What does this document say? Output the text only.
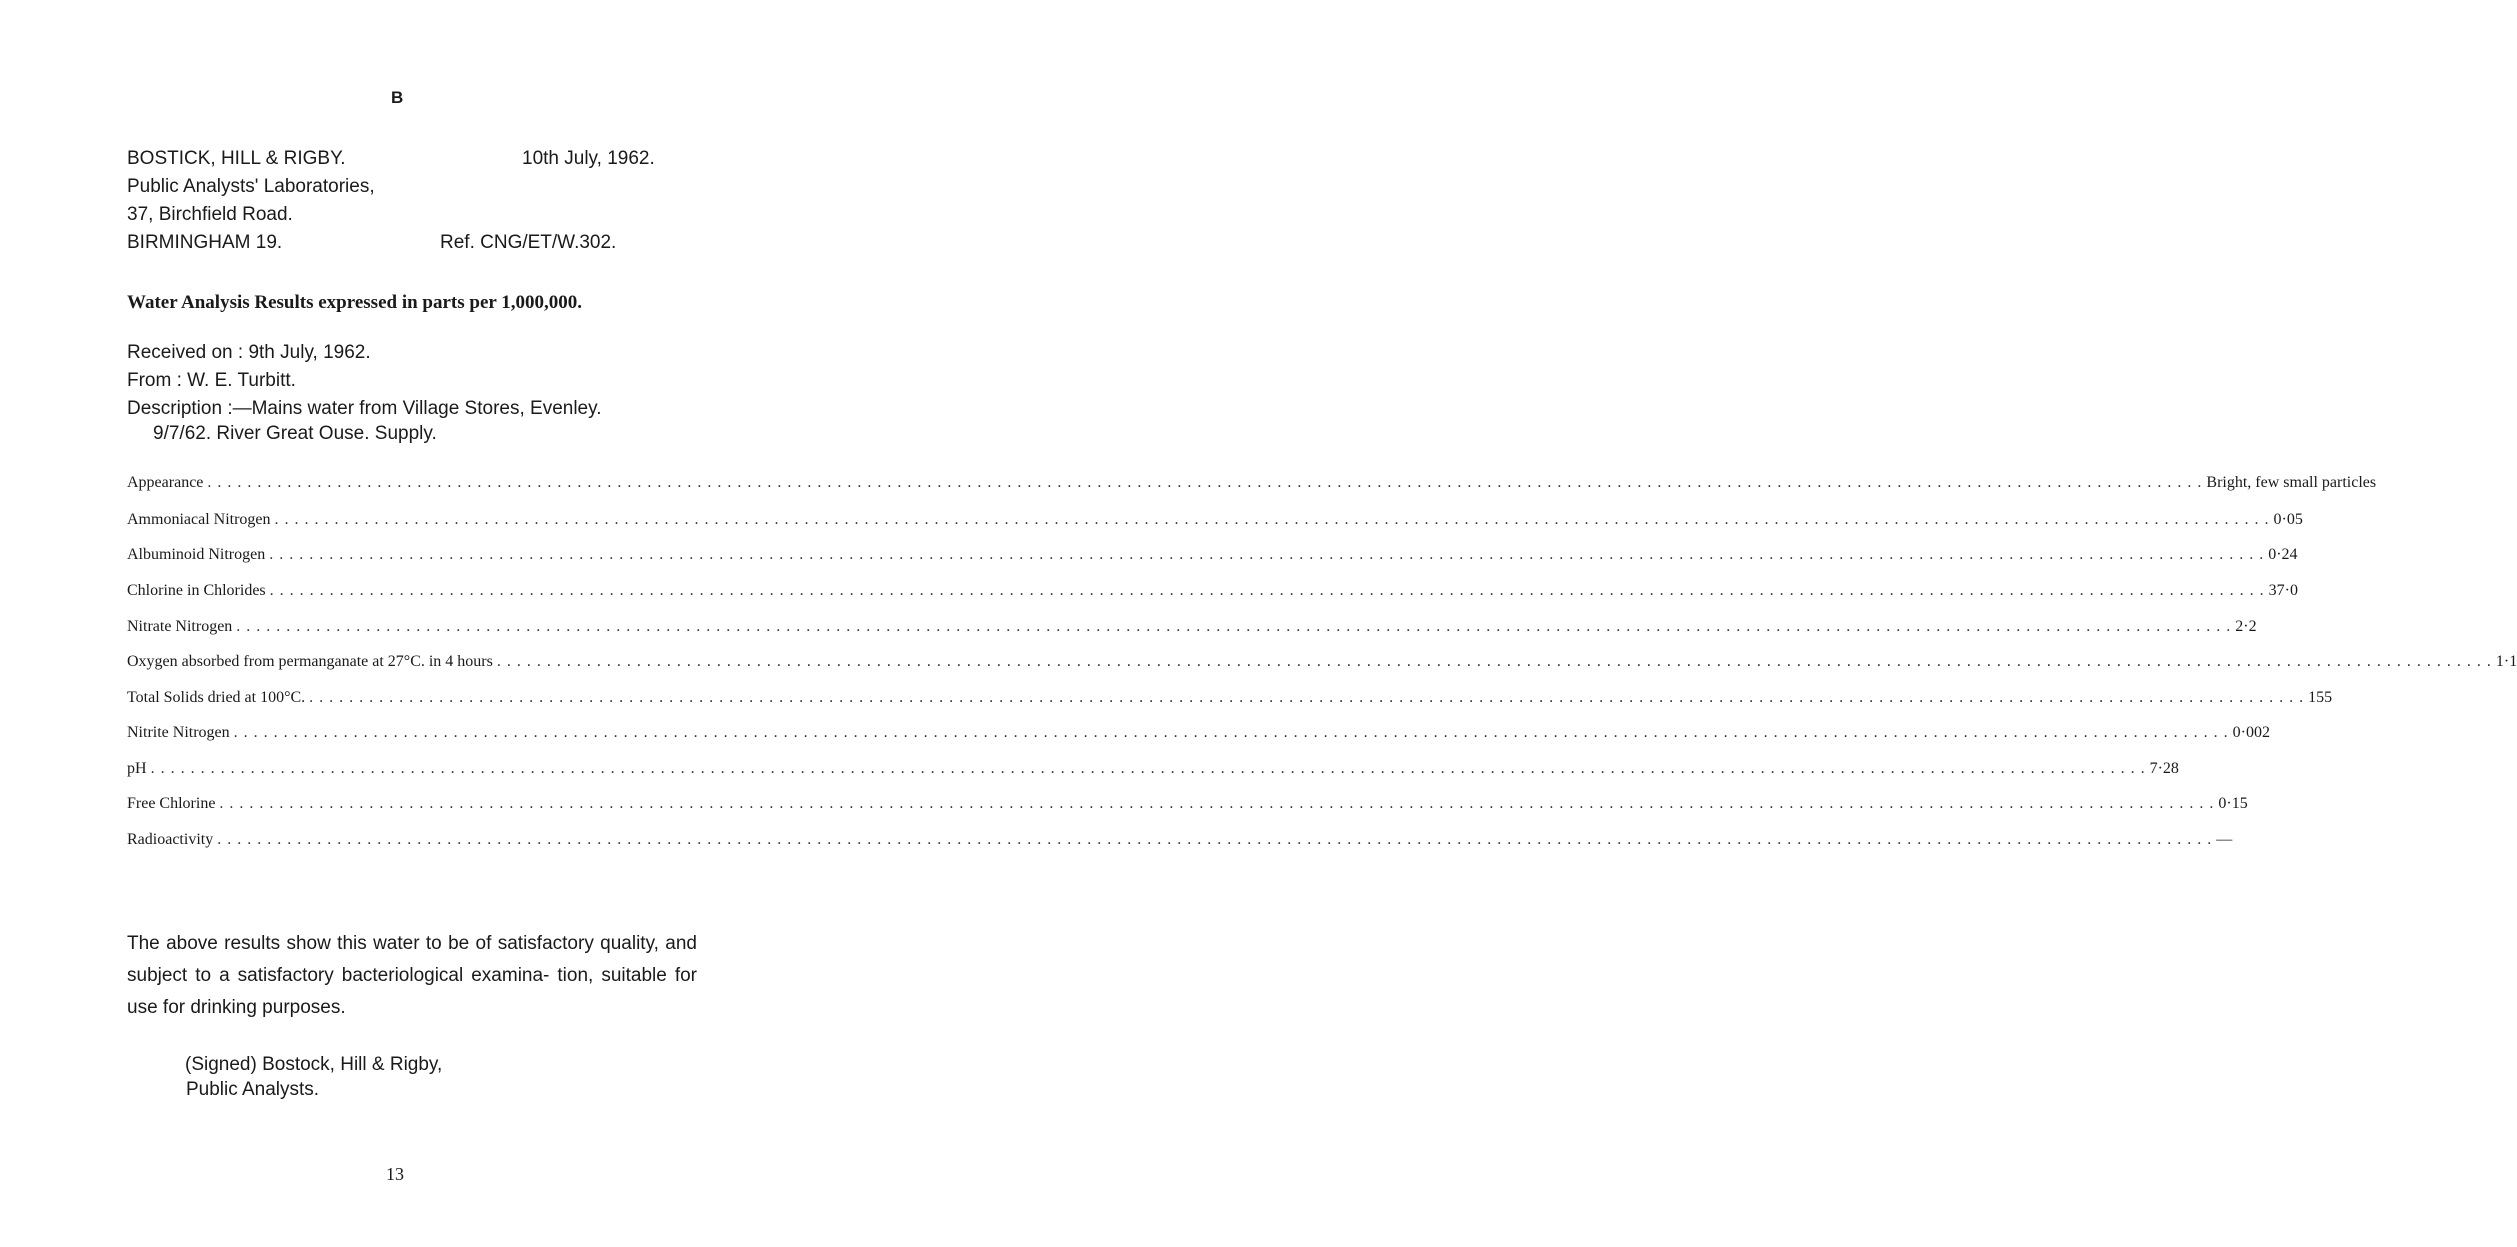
B
BOSTICK, HILL & RIGBY.	10th July, 1962.
Public Analysts' Laboratories,
37, Birchfield Road.
BIRMINGHAM 19.	Ref. CNG/ET/W.302.
Water Analysis Results expressed in parts per 1,000,000.
Received on : 9th July, 1962.
From : W. E. Turbitt.
Description :—Mains water from Village Stores, Evenley.
9/7/62. River Great Ouse. Supply.
Appearance . . . . . . . . . . . . . . . . . . . . . . . . . . . . . . . . . . . . . . . . . . . . . . . . . . . . . . . . . . . . . . . . . . . . . . . . . . . . . . . . . . . . . . . . . . . . . . . . . . . . . . . . . . . . . . . . . . . . . . . . . . . . . . . . . . . . . . . . . . . . . . . . . . . . . . . . . . . . . . . . . . . . . . . . . . . . . . . . . . . . . . . . . . . . . . . . . . . . . . . . Bright, few small particles
Ammoniacal Nitrogen . . . . . . . . . . . . . . . . . . . . . . . . . . . . . . . . . . . . . . . . . . . . . . . . . . . . . . . . . . . . . . . . . . . . . . . . . . . . . . . . . . . . . . . . . . . . . . . . . . . . . . . . . . . . . . . . . . . . . . . . . . . . . . . . . . . . . . . . . . . . . . . . . . . . . . . . . . . . . . . . . . . . . . . . . . . . . . . . . . . . . . . . . . . . . . . . . . . . . . . . 0·05
Albuminoid Nitrogen . . . . . . . . . . . . . . . . . . . . . . . . . . . . . . . . . . . . . . . . . . . . . . . . . . . . . . . . . . . . . . . . . . . . . . . . . . . . . . . . . . . . . . . . . . . . . . . . . . . . . . . . . . . . . . . . . . . . . . . . . . . . . . . . . . . . . . . . . . . . . . . . . . . . . . . . . . . . . . . . . . . . . . . . . . . . . . . . . . . . . . . . . . . . . . . . . . . . . . . . 0·24
Chlorine in Chlorides . . . . . . . . . . . . . . . . . . . . . . . . . . . . . . . . . . . . . . . . . . . . . . . . . . . . . . . . . . . . . . . . . . . . . . . . . . . . . . . . . . . . . . . . . . . . . . . . . . . . . . . . . . . . . . . . . . . . . . . . . . . . . . . . . . . . . . . . . . . . . . . . . . . . . . . . . . . . . . . . . . . . . . . . . . . . . . . . . . . . . . . . . . . . . . . . . . . . . . . . 37·0
Nitrate Nitrogen . . . . . . . . . . . . . . . . . . . . . . . . . . . . . . . . . . . . . . . . . . . . . . . . . . . . . . . . . . . . . . . . . . . . . . . . . . . . . . . . . . . . . . . . . . . . . . . . . . . . . . . . . . . . . . . . . . . . . . . . . . . . . . . . . . . . . . . . . . . . . . . . . . . . . . . . . . . . . . . . . . . . . . . . . . . . . . . . . . . . . . . . . . . . . . . . . . . . . . . . 2·2
Oxygen absorbed from permanganate at 27°C. in 4 hours . . . . . . . . . . . . . . . . . . . . . . . . . . . . . . . . . . . . . . . . . . . . . . . . . . . . . . . . . . . . . . . . . . . . . . . . . . . . . . . . . . . . . . . . . . . . . . . . . . . . . . . . . . . . . . . . . . . . . . . . . . . . . . . . . . . . . . . . . . . . . . . . . . . . . . . . . . . . . . . . . . . . . . . . . . . . . . . . . . . . . . . . . . . . . . . . . . . . . . . . 1·1
Total Solids dried at 100°C. . . . . . . . . . . . . . . . . . . . . . . . . . . . . . . . . . . . . . . . . . . . . . . . . . . . . . . . . . . . . . . . . . . . . . . . . . . . . . . . . . . . . . . . . . . . . . . . . . . . . . . . . . . . . . . . . . . . . . . . . . . . . . . . . . . . . . . . . . . . . . . . . . . . . . . . . . . . . . . . . . . . . . . . . . . . . . . . . . . . . . . . . . . . . . . . . . . . . . . . . 155
Nitrite Nitrogen . . . . . . . . . . . . . . . . . . . . . . . . . . . . . . . . . . . . . . . . . . . . . . . . . . . . . . . . . . . . . . . . . . . . . . . . . . . . . . . . . . . . . . . . . . . . . . . . . . . . . . . . . . . . . . . . . . . . . . . . . . . . . . . . . . . . . . . . . . . . . . . . . . . . . . . . . . . . . . . . . . . . . . . . . . . . . . . . . . . . . . . . . . . . . . . . . . . . . . . . 0·002
pH . . . . . . . . . . . . . . . . . . . . . . . . . . . . . . . . . . . . . . . . . . . . . . . . . . . . . . . . . . . . . . . . . . . . . . . . . . . . . . . . . . . . . . . . . . . . . . . . . . . . . . . . . . . . . . . . . . . . . . . . . . . . . . . . . . . . . . . . . . . . . . . . . . . . . . . . . . . . . . . . . . . . . . . . . . . . . . . . . . . . . . . . . . . . . . . . . . . . . . . . 7·28
Free Chlorine . . . . . . . . . . . . . . . . . . . . . . . . . . . . . . . . . . . . . . . . . . . . . . . . . . . . . . . . . . . . . . . . . . . . . . . . . . . . . . . . . . . . . . . . . . . . . . . . . . . . . . . . . . . . . . . . . . . . . . . . . . . . . . . . . . . . . . . . . . . . . . . . . . . . . . . . . . . . . . . . . . . . . . . . . . . . . . . . . . . . . . . . . . . . . . . . . . . . . . . . 0·15
Radioactivity . . . . . . . . . . . . . . . . . . . . . . . . . . . . . . . . . . . . . . . . . . . . . . . . . . . . . . . . . . . . . . . . . . . . . . . . . . . . . . . . . . . . . . . . . . . . . . . . . . . . . . . . . . . . . . . . . . . . . . . . . . . . . . . . . . . . . . . . . . . . . . . . . . . . . . . . . . . . . . . . . . . . . . . . . . . . . . . . . . . . . . . . . . . . . . . . . . . . . . . . —
The above results show this water to be of satisfactory quality, and subject to a satisfactory bacteriological examina- tion, suitable for use for drinking purposes.
(Signed) Bostock, Hill & Rigby,
Public Analysts.
13
